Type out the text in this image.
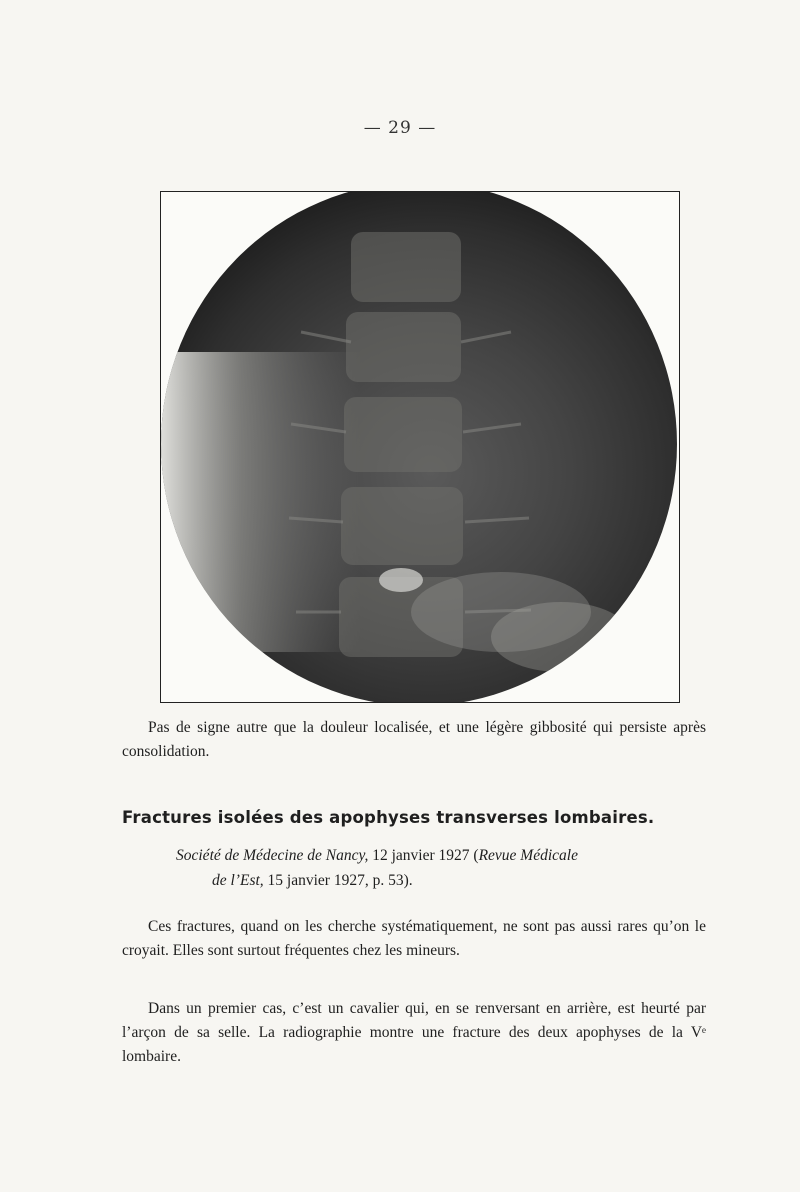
— 29 —

Pas de signe autre que la douleur localisée, et une légère gibbosité qui persiste après consolidation.

Fractures isolées des apophyses transverses lombaires.
Société de Médecine de Nancy, 12 janvier 1927 (Revue Médicale
de l’Est, 15 janvier 1927, p. 53).

Ces fractures, quand on les cherche systématiquement, ne sont pas aussi rares qu’on le croyait. Elles sont surtout fréquentes chez les mineurs.

Dans un premier cas, c’est un cavalier qui, en se renversant en arrière, est heurté par l’arçon de sa selle. La radiographie montre une fracture des deux apophyses de la Vᵉ lombaire.
